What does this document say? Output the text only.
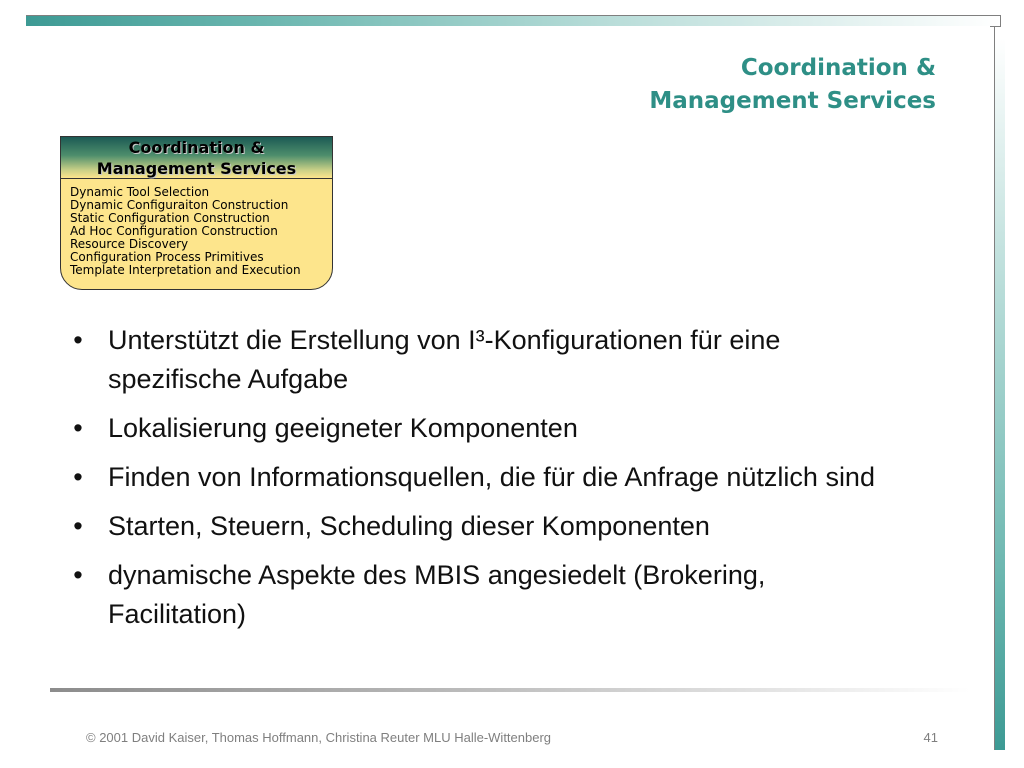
Coordination &
Management Services
Coordination &
Management Services
Dynamic Tool Selection
Dynamic Configuraiton Construction
Static Configuration Construction
Ad Hoc Configuration Construction
Resource Discovery
Configuration Process Primitives
Template Interpretation and Execution
• Unterstützt die Erstellung von I³-Konfigurationen für eine spezifische Aufgabe
• Lokalisierung geeigneter Komponenten
• Finden von Informationsquellen, die für die Anfrage nützlich sind
• Starten, Steuern, Scheduling dieser Komponenten
• dynamische Aspekte des MBIS angesiedelt (Brokering, Facilitation)
© 2001 David Kaiser, Thomas Hoffmann, Christina Reuter MLU Halle-Wittenberg	41
